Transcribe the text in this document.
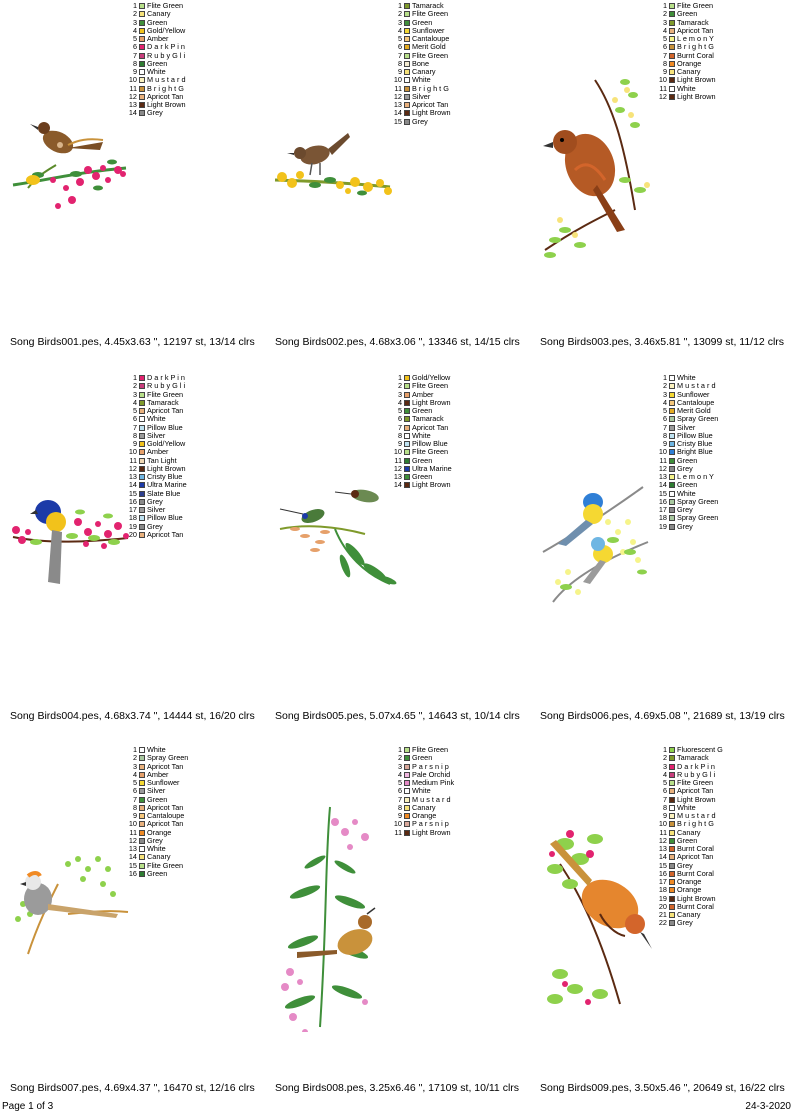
1 Flite Green
2 Canary
3 Green
4 Gold/Yellow
5 Amber
6 D a r k P i n
7 R u b y G l i
8 Green
9 White
10 M u s t a r d
11 B r i g h t G
12 Apricot Tan
13 Light Brown
14 Grey
Song Birds001.pes, 4.45x3.63 ", 12197 st, 13/14 clrs
1 Tamarack
2 Flite Green
3 Green
4 Sunflower
5 Cantaloupe
6 Merit Gold
7 Flite Green
8 Bone
9 Canary
10 White
11 B r i g h t G
12 Silver
13 Apricot Tan
14 Light Brown
15 Grey
Song Birds002.pes, 4.68x3.06 ", 13346 st, 14/15 clrs
1 Flite Green
2 Green
3 Tamarack
4 Apricot Tan
5 L e m o n Y
6 B r i g h t G
7 Burnt Coral
8 Orange
9 Canary
10 Light Brown
11 White
12 Light Brown
Song Birds003.pes, 3.46x5.81 ", 13099 st, 11/12 clrs
1 D a r k P i n
2 R u b y G l i
3 Flite Green
4 Tamarack
5 Apricot Tan
6 White
7 Pillow Blue
8 Silver
9 Gold/Yellow
10 Amber
11 Tan Light
12 Light Brown
13 Cristy Blue
14 Ultra Marine
15 Slate Blue
16 Grey
17 Silver
18 Pillow Blue
19 Grey
20 Apricot Tan
Song Birds004.pes, 4.68x3.74 ", 14444 st, 16/20 clrs
1 Gold/Yellow
2 Flite Green
3 Amber
4 Light Brown
5 Green
6 Tamarack
7 Apricot Tan
8 White
9 Pillow Blue
10 Flite Green
11 Green
12 Ultra Marine
13 Green
14 Light Brown
Song Birds005.pes, 5.07x4.65 ", 14643 st, 10/14 clrs
1 White
2 M u s t a r d
3 Sunflower
4 Cantaloupe
5 Merit Gold
6 Spray Green
7 Silver
8 Pillow Blue
9 Cristy Blue
10 Bright Blue
11 Green
12 Grey
13 L e m o n Y
14 Green
15 White
16 Spray Green
17 Grey
18 Spray Green
19 Grey
Song Birds006.pes, 4.69x5.08 ", 21689 st, 13/19 clrs
1 White
2 Spray Green
3 Apricot Tan
4 Amber
5 Sunflower
6 Silver
7 Green
8 Apricot Tan
9 Cantaloupe
10 Apricot Tan
11 Orange
12 Grey
13 White
14 Canary
15 Flite Green
16 Green
Song Birds007.pes, 4.69x4.37 ", 16470 st, 12/16 clrs
1 Flite Green
2 Green
3 P a r s n i p
4 Pale Orchid
5 Medium Pink
6 White
7 M u s t a r d
8 Canary
9 Orange
10 P a r s n i p
11 Light Brown
Song Birds008.pes, 3.25x6.46 ", 17109 st, 10/11 clrs
1 Fluorescent G
2 Tamarack
3 D a r k P i n
4 R u b y G l i
5 Flite Green
6 Apricot Tan
7 Light Brown
8 White
9 M u s t a r d
10 B r i g h t G
11 Canary
12 Green
13 Burnt Coral
14 Apricot Tan
15 Grey
16 Burnt Coral
17 Orange
18 Orange
19 Light Brown
20 Burnt Coral
21 Canary
22 Grey
Song Birds009.pes, 3.50x5.46 ", 20649 st, 16/22 clrs
Page 1 of 3	24-3-2020
